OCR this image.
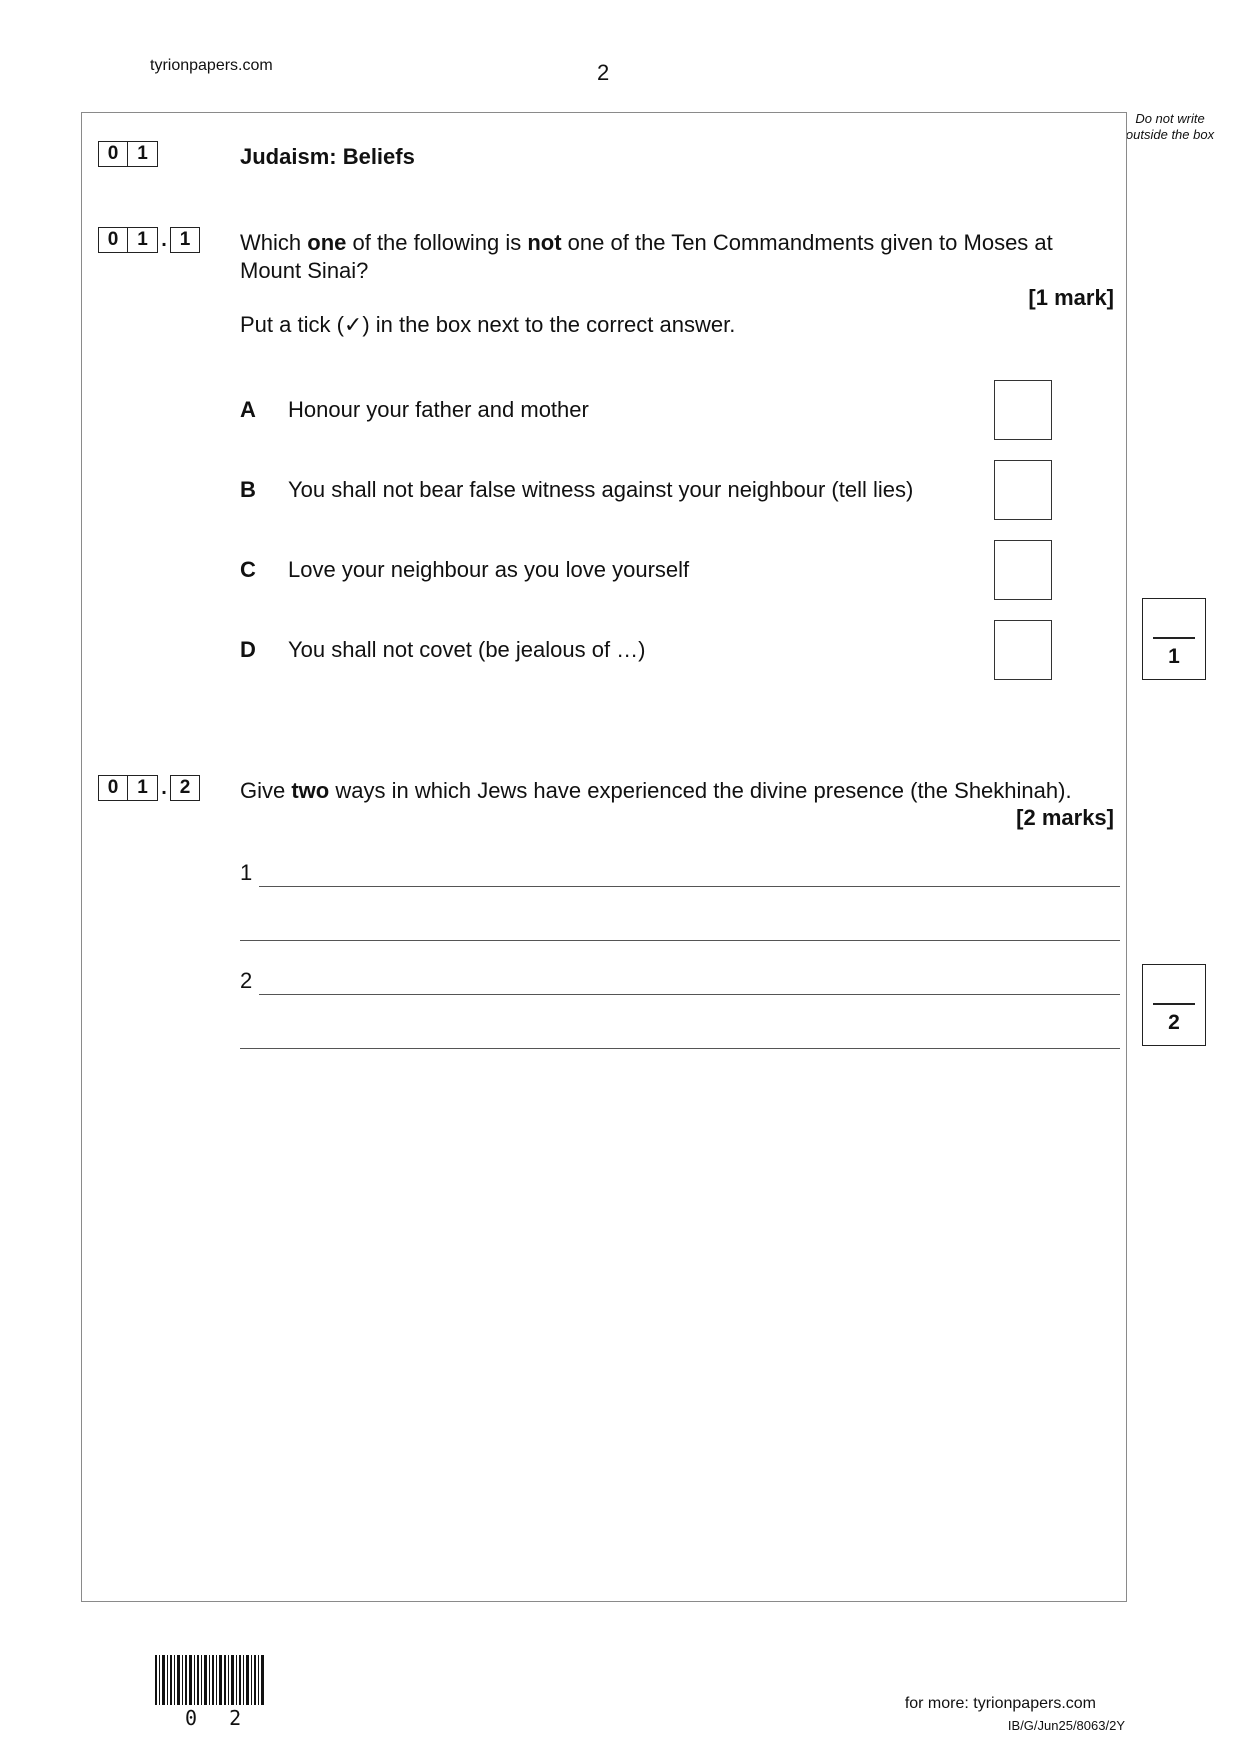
tyrionpapers.com	2
Do not write outside the box
0 1	Judaism: Beliefs
0 1 . 1	Which one of the following is not one of the Ten Commandments given to Moses at Mount Sinai?
[1 mark]
Put a tick (✓) in the box next to the correct answer.
A Honour your father and mother
B You shall not bear false witness against your neighbour (tell lies)
C Love your neighbour as you love yourself
D You shall not covet (be jealous of …)	1
0 1 . 2	Give two ways in which Jews have experienced the divine presence (the Shekhinah).
[2 marks]
1
2
2
0 2
for more: tyrionpapers.com
IB/G/Jun25/8063/2Y
